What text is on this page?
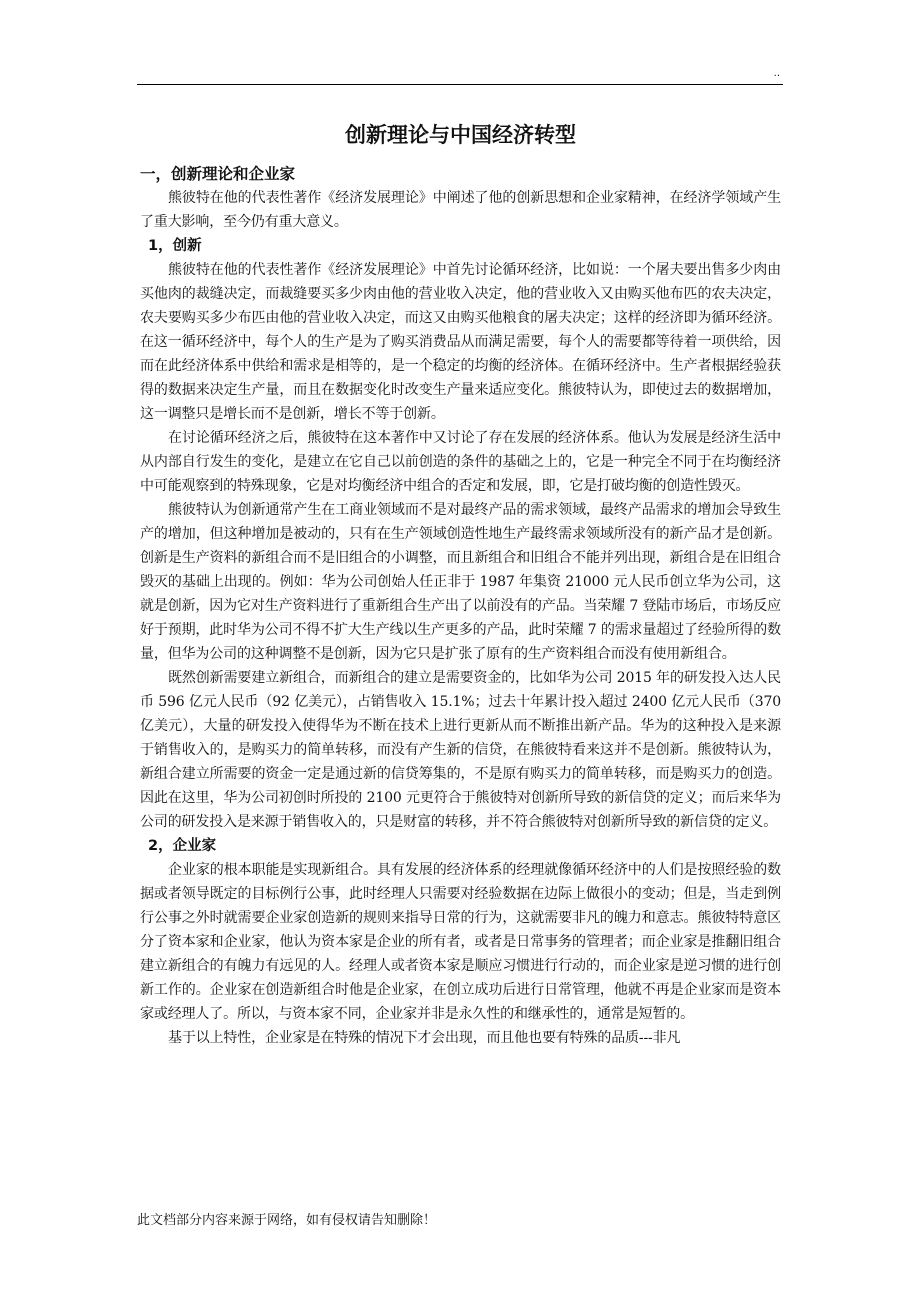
..
创新理论与中国经济转型
一，创新理论和企业家

熊彼特在他的代表性著作《经济发展理论》中阐述了他的创新思想和企业家精神，在经济学领域产生了重大影响，至今仍有重大意义。

1，创新

熊彼特在他的代表性著作《经济发展理论》中首先讨论循环经济，比如说：一个屠夫要出售多少肉由买他肉的裁缝决定，而裁缝要买多少肉由他的营业收入决定，他的营业收入又由购买他布匹的农夫决定，农夫要购买多少布匹由他的营业收入决定，而这又由购买他粮食的屠夫决定；这样的经济即为循环经济。在这一循环经济中，每个人的生产是为了购买消费品从而满足需要，每个人的需要都等待着一项供给，因而在此经济体系中供给和需求是相等的，是一个稳定的均衡的经济体。在循环经济中。生产者根据经验获得的数据来决定生产量，而且在数据变化时改变生产量来适应变化。熊彼特认为，即使过去的数据增加，这一调整只是增长而不是创新，增长不等于创新。

在讨论循环经济之后，熊彼特在这本著作中又讨论了存在发展的经济体系。他认为发展是经济生活中从内部自行发生的变化，是建立在它自己以前创造的条件的基础之上的，它是一种完全不同于在均衡经济中可能观察到的特殊现象，它是对均衡经济中组合的否定和发展，即，它是打破均衡的创造性毁灭。

熊彼特认为创新通常产生在工商业领域而不是对最终产品的需求领域，最终产品需求的增加会导致生产的增加，但这种增加是被动的，只有在生产领域创造性地生产最终需求领域所没有的新产品才是创新。创新是生产资料的新组合而不是旧组合的小调整，而且新组合和旧组合不能并列出现，新组合是在旧组合毁灭的基础上出现的。例如：华为公司创始人任正非于 1987 年集资 21000 元人民币创立华为公司，这就是创新，因为它对生产资料进行了重新组合生产出了以前没有的产品。当荣耀 7 登陆市场后，市场反应好于预期，此时华为公司不得不扩大生产线以生产更多的产品，此时荣耀 7 的需求量超过了经验所得的数量，但华为公司的这种调整不是创新，因为它只是扩张了原有的生产资料组合而没有使用新组合。

既然创新需要建立新组合，而新组合的建立是需要资金的，比如华为公司 2015 年的研发投入达人民币 596 亿元人民币（92 亿美元），占销售收入 15.1%；过去十年累计投入超过 2400 亿元人民币（370 亿美元），大量的研发投入使得华为不断在技术上进行更新从而不断推出新产品。华为的这种投入是来源于销售收入的，是购买力的简单转移，而没有产生新的信贷，在熊彼特看来这并不是创新。熊彼特认为，新组合建立所需要的资金一定是通过新的信贷筹集的，不是原有购买力的简单转移，而是购买力的创造。因此在这里，华为公司初创时所投的 2100 元更符合于熊彼特对创新所导致的新信贷的定义；而后来华为公司的研发投入是来源于销售收入的，只是财富的转移，并不符合熊彼特对创新所导致的新信贷的定义。

2，企业家

企业家的根本职能是实现新组合。具有发展的经济体系的经理就像循环经济中的人们是按照经验的数据或者领导既定的目标例行公事，此时经理人只需要对经验数据在边际上做很小的变动；但是，当走到例行公事之外时就需要企业家创造新的规则来指导日常的行为，这就需要非凡的魄力和意志。熊彼特特意区分了资本家和企业家，他认为资本家是企业的所有者，或者是日常事务的管理者；而企业家是推翻旧组合建立新组合的有魄力有远见的人。经理人或者资本家是顺应习惯进行行动的，而企业家是逆习惯的进行创新工作的。企业家在创造新组合时他是企业家，在创立成功后进行日常管理，他就不再是企业家而是资本家或经理人了。所以，与资本家不同，企业家并非是永久性的和继承性的，通常是短暂的。

基于以上特性，企业家是在特殊的情况下才会出现，而且他也要有特殊的品质---非凡

此文档部分内容来源于网络，如有侵权请告知删除！
